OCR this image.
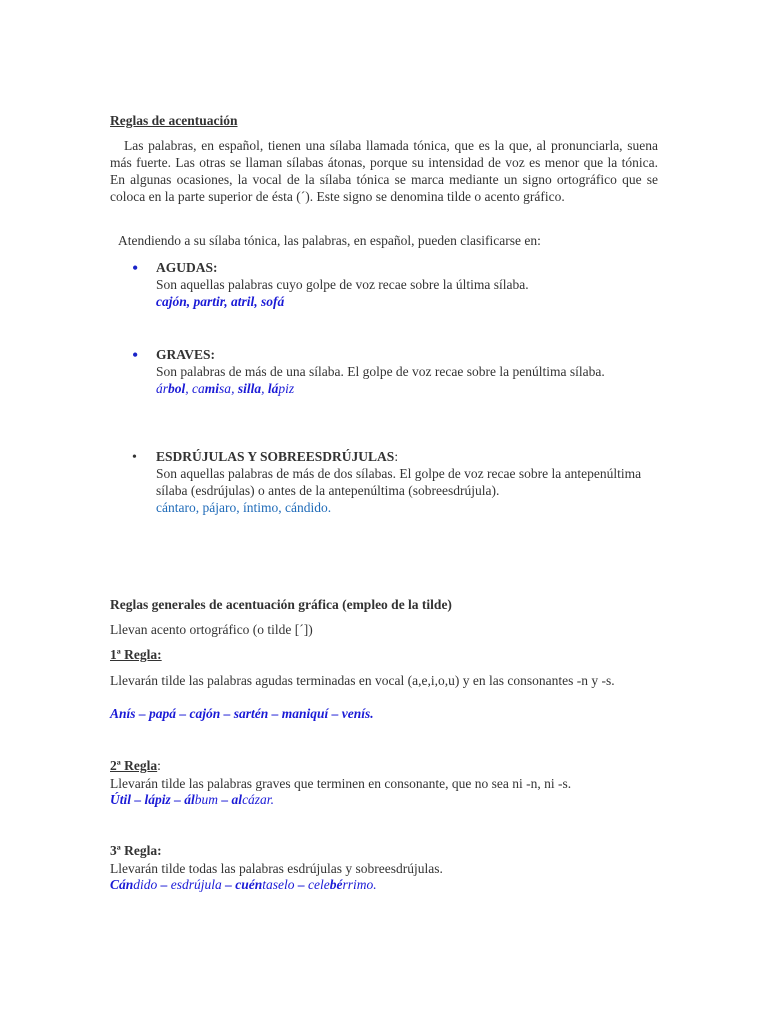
Reglas de acentuación
Las palabras, en español, tienen una sílaba llamada tónica, que es la que, al pronunciarla, suena más fuerte. Las otras se llaman sílabas átonas, porque su intensidad de voz es menor que la tónica. En algunas ocasiones, la vocal de la sílaba tónica se marca mediante un signo ortográfico que se coloca en la parte superior de ésta (´). Este signo se denomina tilde o acento gráfico.
Atendiendo a su sílaba tónica, las palabras, en español, pueden clasificarse en:
• AGUDAS:
Son aquellas palabras cuyo golpe de voz recae sobre la última sílaba.
cajón, partir, atril, sofá
• GRAVES:
Son palabras de más de una sílaba. El golpe de voz recae sobre la penúltima sílaba.
árbol, camisa, silla, lápiz
• ESDRÚJULAS Y SOBREESDRÚJULAS:
Son aquellas palabras de más de dos sílabas. El golpe de voz recae sobre la antepenúltima sílaba (esdrújulas) o antes de la antepenúltima (sobreesdrújula).
cántaro, pájaro, íntimo, cándido.
Reglas generales de acentuación gráfica (empleo de la tilde)
Llevan acento ortográfico (o tilde [´])
1ª Regla:
Llevarán tilde las palabras agudas terminadas en vocal (a,e,i,o,u) y en las consonantes -n y -s.
Anís – papá – cajón – sartén – maniquí – venís.
2ª Regla:
Llevarán tilde las palabras graves que terminen en consonante, que no sea ni -n, ni -s.
Útil – lápiz – álbum – alcázar.
3ª Regla:
Llevarán tilde todas las palabras esdrújulas y sobreesdrújulas.
Cándido – esdrújula – cuéntaselo – celebérrimo.
